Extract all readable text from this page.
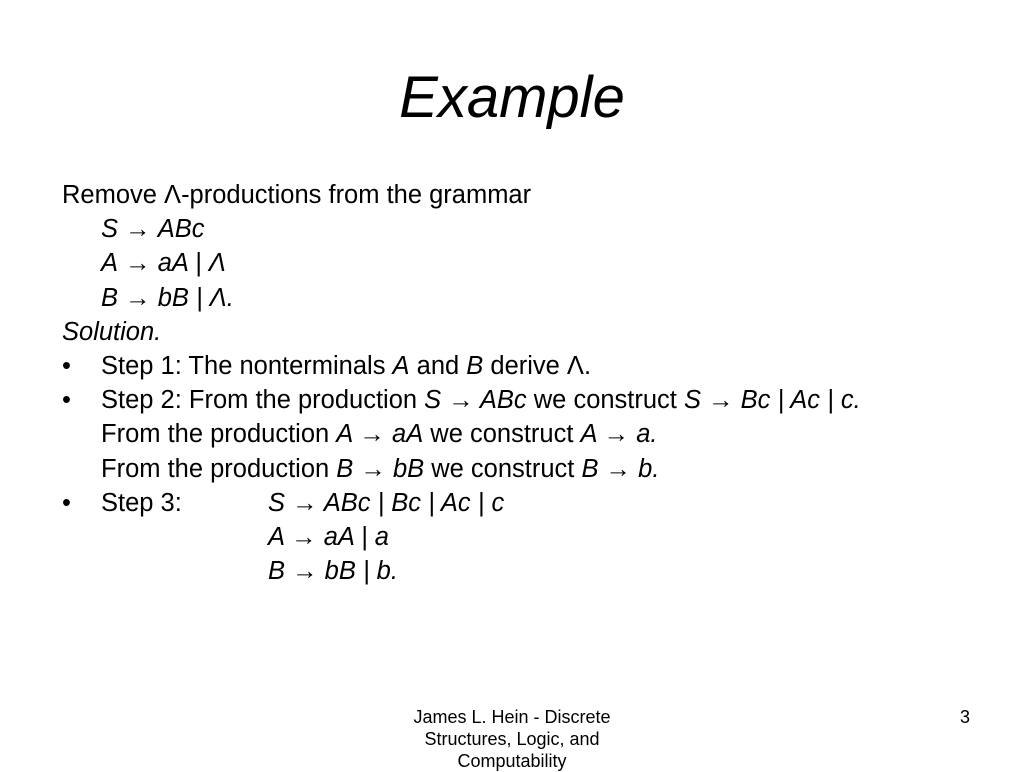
Example
Remove Λ-productions from the grammar
S → ABc
A → aA | Λ
B → bB | Λ.
Solution.
• Step 1: The nonterminals A and B derive Λ.
• Step 2: From the production S → ABc we construct S → Bc | Ac | c.
From the production A → aA we construct A → a.
From the production B → bB we construct B → b.
• Step 3:	S → ABc | Bc | Ac | c
A → aA | a
B → bB | b.
James L. Hein - Discrete Structures, Logic, and Computability
3
